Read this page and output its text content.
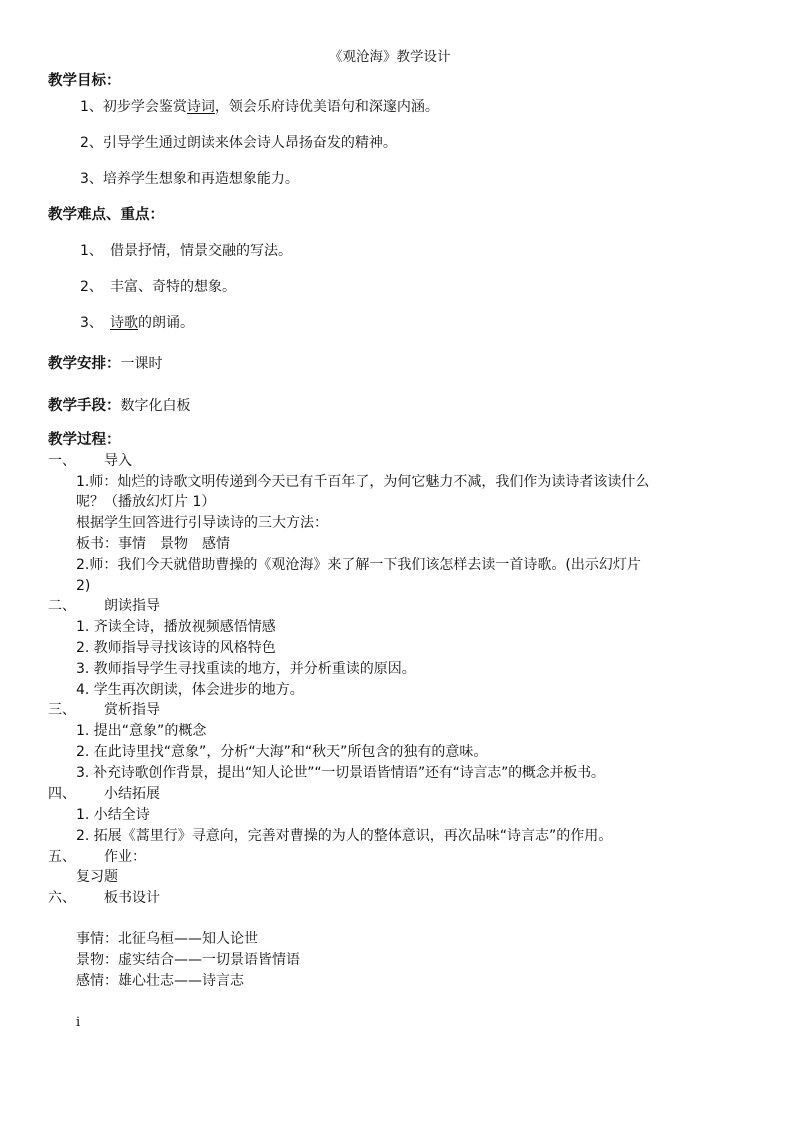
《观沧海》教学设计
教学目标：
1、初步学会鉴赏诗词，领会乐府诗优美语句和深邃内涵。
2、引导学生通过朗读来体会诗人昂扬奋发的精神。
3、培养学生想象和再造想象能力。
教学难点、重点：
1、 借景抒情，情景交融的写法。
2、 丰富、奇特的想象。
3、 诗歌的朗诵。
教学安排：一课时
教学手段：数字化白板
教学过程：
一、 导入
1.师：灿烂的诗歌文明传递到今天已有千百年了，为何它魅力不减，我们作为读诗者该读什么
呢？（播放幻灯片 1）
根据学生回答进行引导读诗的三大方法：
板书：事情　景物　感情
2.师：我们今天就借助曹操的《观沧海》来了解一下我们该怎样去读一首诗歌。(出示幻灯片
2)
二、 朗读指导
1. 齐读全诗，播放视频感悟情感
2. 教师指导寻找该诗的风格特色
3. 教师指导学生寻找重读的地方，并分析重读的原因。
4. 学生再次朗读，体会进步的地方。
三、 赏析指导
1. 提出“意象”的概念
2. 在此诗里找“意象”，分析“大海”和“秋天”所包含的独有的意味。
3. 补充诗歌创作背景，提出“知人论世”“一切景语皆情语”还有“诗言志”的概念并板书。
四、 小结拓展
1. 小结全诗
2. 拓展《蒿里行》寻意向，完善对曹操的为人的整体意识，再次品味“诗言志”的作用。
五、 作业：
复习题
六、 板书设计
事情：北征乌桓——知人论世
景物：虚实结合——一切景语皆情语
感情：雄心壮志——诗言志
i
